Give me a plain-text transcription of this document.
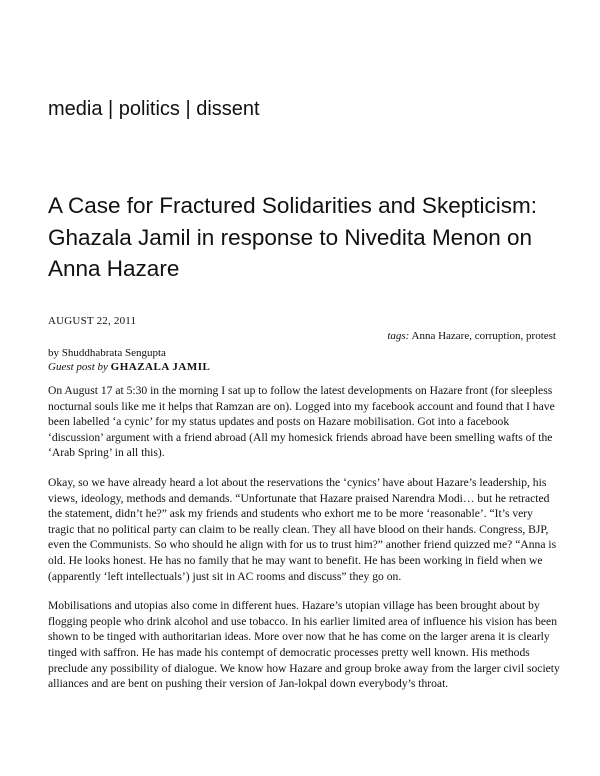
media | politics | dissent
A Case for Fractured Solidarities and Skepticism: Ghazala Jamil in response to Nivedita Menon on Anna Hazare
AUGUST 22, 2011
tags: Anna Hazare, corruption, protest
by Shuddhabrata Sengupta
Guest post by GHAZALA JAMIL

On August 17 at 5:30 in the morning I sat up to follow the latest developments on Hazare front (for sleepless nocturnal souls like me it helps that Ramzan are on). Logged into my facebook account and found that I have been labelled ‘a cynic’ for my status updates and posts on Hazare mobilisation. Got into a facebook ‘discussion’ argument with a friend abroad (All my homesick friends abroad have been smelling wafts of the ‘Arab Spring’ in all this).

Okay, so we have already heard a lot about the reservations the ‘cynics’ have about Hazare’s leadership, his views, ideology, methods and demands. “Unfortunate that Hazare praised Narendra Modi… but he retracted the statement, didn’t he?” ask my friends and students who exhort me to be more ‘reasonable’. “It’s very tragic that no political party can claim to be really clean. They all have blood on their hands. Congress, BJP, even the Communists. So who should he align with for us to trust him?” another friend quizzed me? “Anna is old. He looks honest. He has no family that he may want to benefit. He has been working in field when we (apparently ‘left intellectuals’) just sit in AC rooms and discuss” they go on.

Mobilisations and utopias also come in different hues. Hazare’s utopian village has been brought about by flogging people who drink alcohol and use tobacco. In his earlier limited area of influence his vision has been shown to be tinged with authoritarian ideas. More over now that he has come on the larger arena it is clearly tinged with saffron. He has made his contempt of democratic processes pretty well known. His methods preclude any possibility of dialogue. We know how Hazare and group broke away from the larger civil society alliances and are bent on pushing their version of Jan-lokpal down everybody’s throat.
